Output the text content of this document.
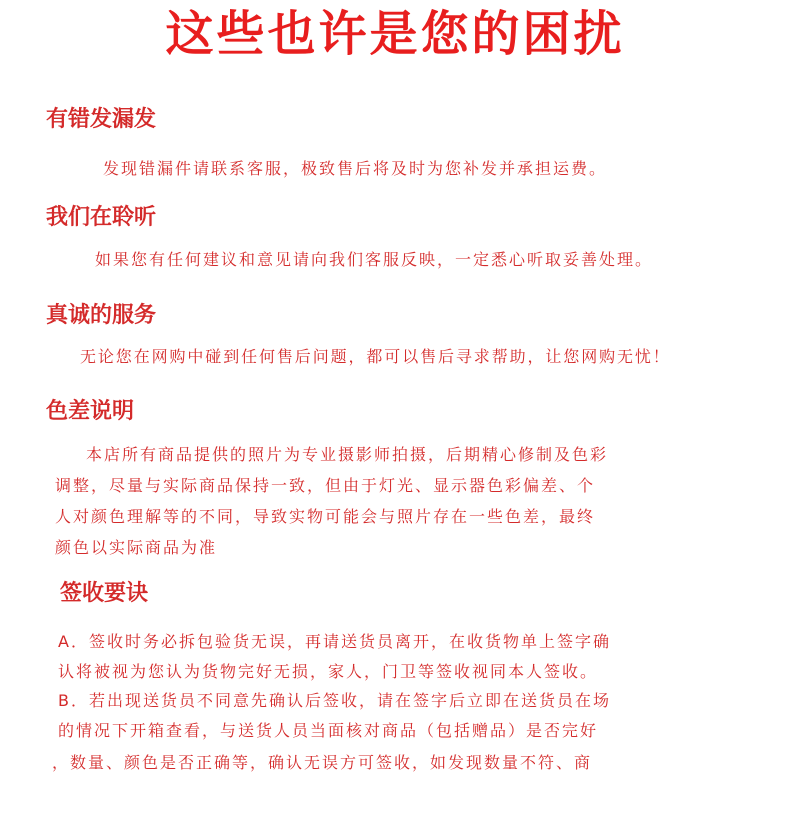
这些也许是您的困扰
有错发漏发
发现错漏件请联系客服，极致售后将及时为您补发并承担运费。
我们在聆听
如果您有任何建议和意见请向我们客服反映，一定悉心听取妥善处理。
真诚的服务
无论您在网购中碰到任何售后问题，都可以售后寻求帮助，让您网购无忧！
色差说明
本店所有商品提供的照片为专业摄影师拍摄，后期精心修制及色彩
调整，尽量与实际商品保持一致，但由于灯光、显示器色彩偏差、个
人对颜色理解等的不同，导致实物可能会与照片存在一些色差，最终
颜色以实际商品为准
签收要诀
A．签收时务必拆包验货无误，再请送货员离开，在收货物单上签字确
认将被视为您认为货物完好无损，家人，门卫等签收视同本人签收。
B．若出现送货员不同意先确认后签收，请在签字后立即在送货员在场
的情况下开箱查看，与送货人员当面核对商品（包括赠品）是否完好
，数量、颜色是否正确等，确认无误方可签收，如发现数量不符、商
